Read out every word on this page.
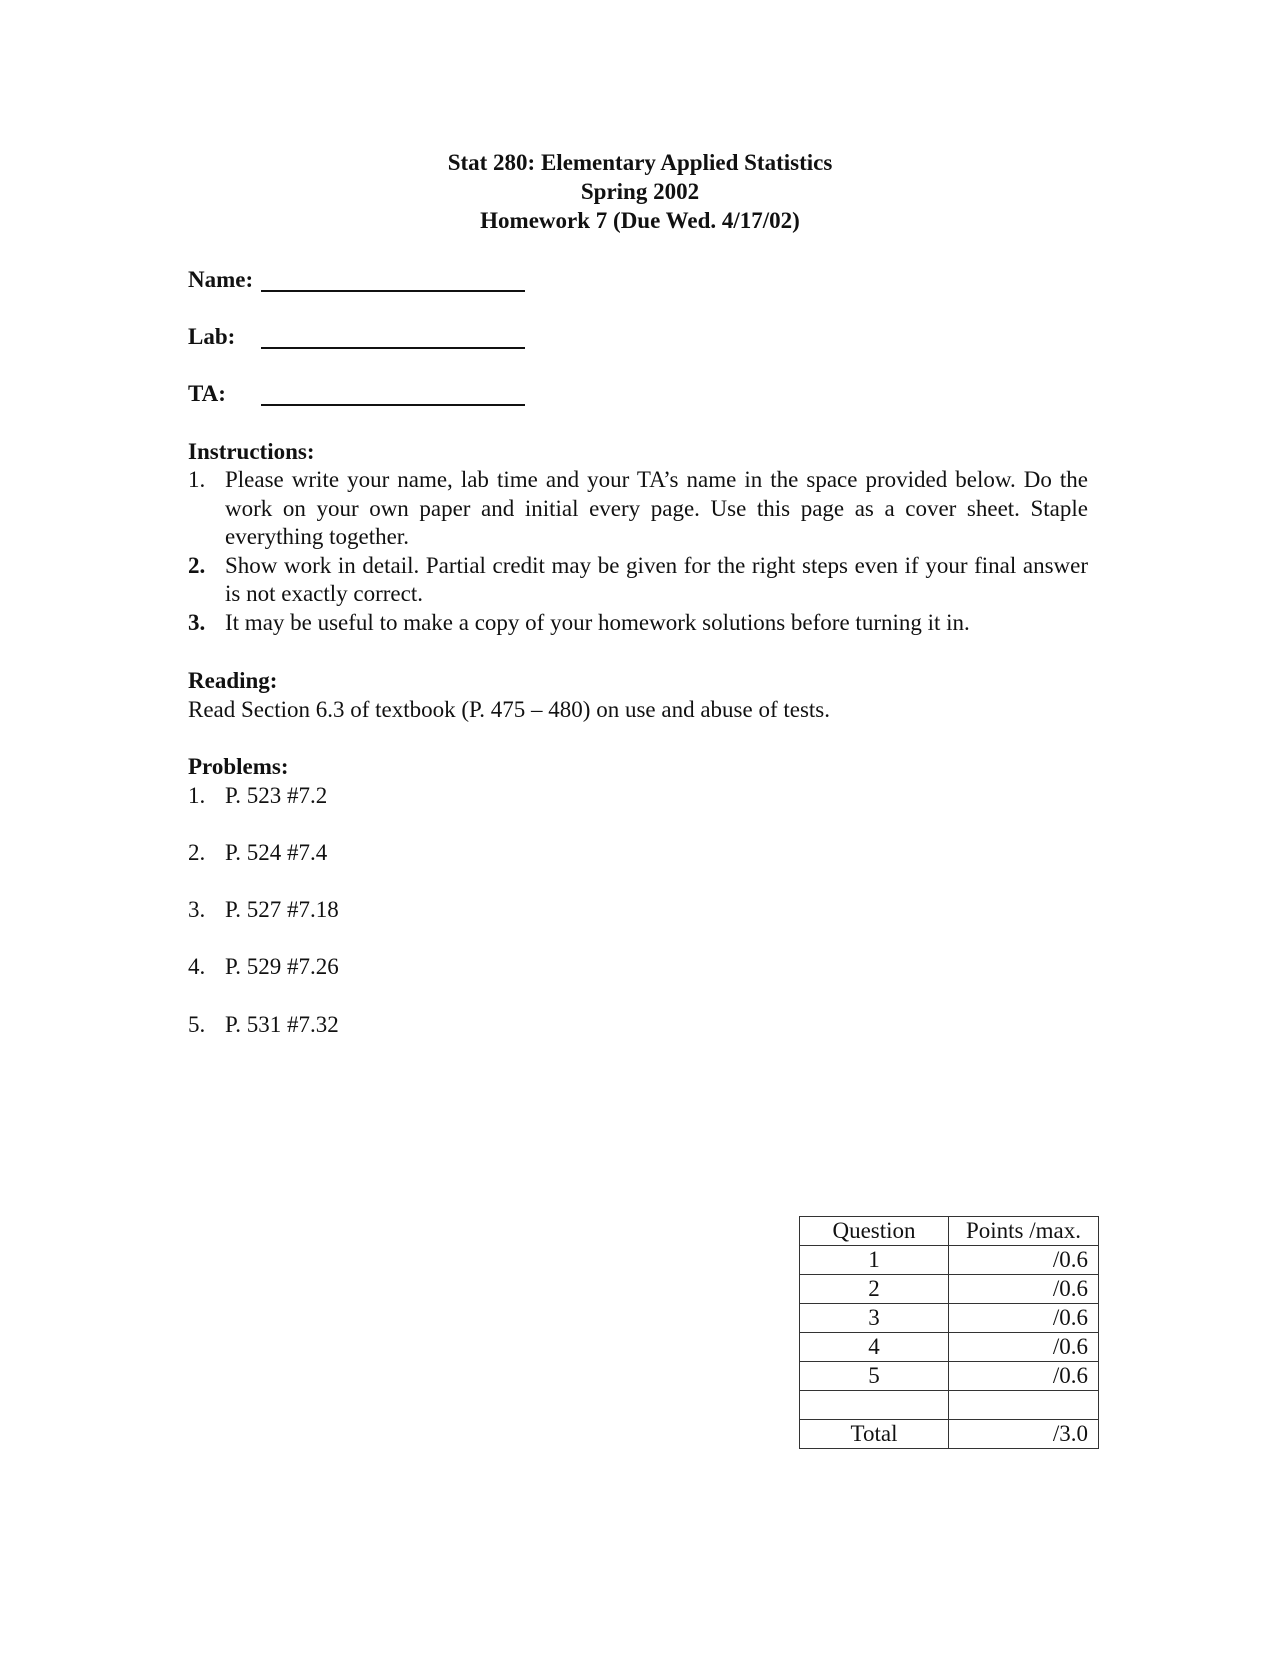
Stat 280: Elementary Applied Statistics
Spring 2002
Homework 7 (Due Wed. 4/17/02)
Name:
Lab:
TA:
Instructions:
1. Please write your name, lab time and your TA’s name in the space provided below. Do the work on your own paper and initial every page. Use this page as a cover sheet. Staple everything together.
2. Show work in detail. Partial credit may be given for the right steps even if your final answer is not exactly correct.
3. It may be useful to make a copy of your homework solutions before turning it in.
Reading:
Read Section 6.3 of textbook (P. 475 – 480) on use and abuse of tests.
Problems:
1. P. 523 #7.2
2. P. 524 #7.4
3. P. 527 #7.18
4. P. 529 #7.26
5. P. 531 #7.32
Question	Points /max.
1	/0.6
2	/0.6
3	/0.6
4	/0.6
5	/0.6

Total	/3.0
